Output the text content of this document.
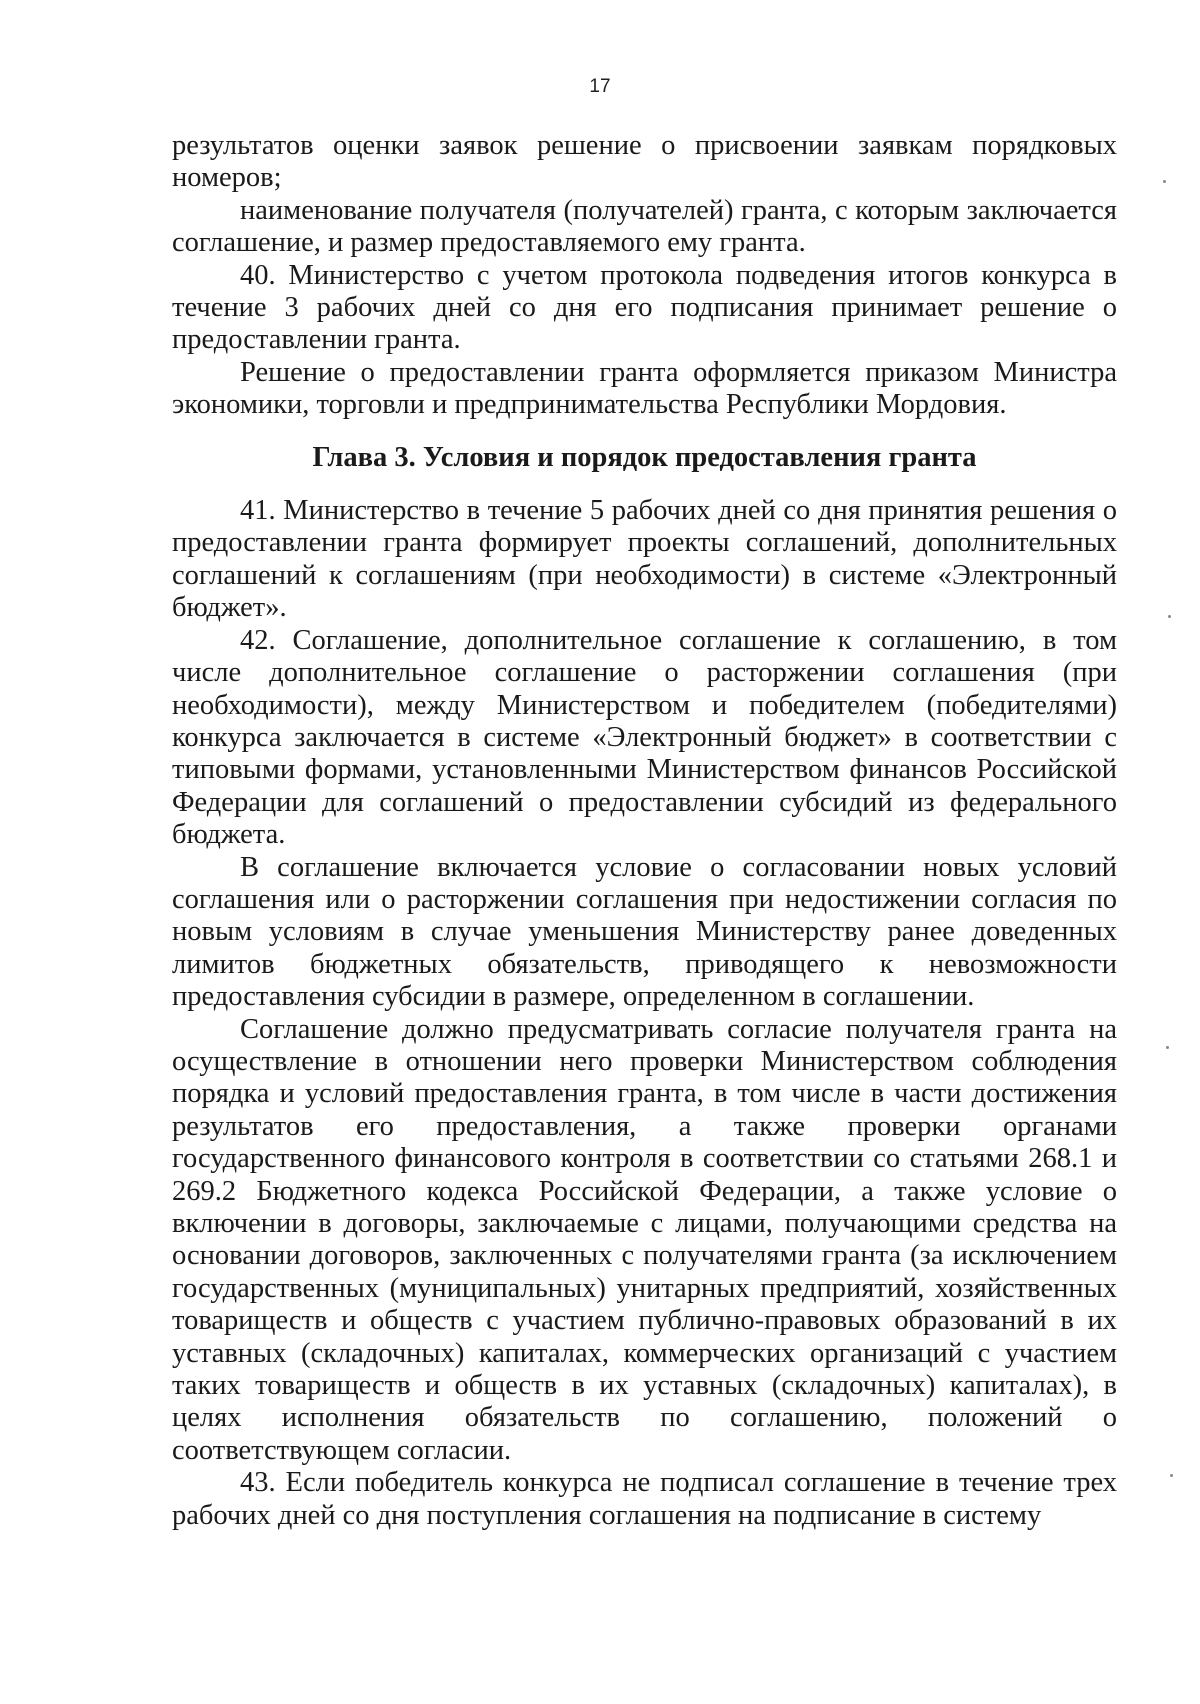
17

результатов оценки заявок решение о присвоении заявкам порядковых номеров;

наименование получателя (получателей) гранта, с которым заключается соглашение, и размер предоставляемого ему гранта.

40. Министерство с учетом протокола подведения итогов конкурса в течение 3 рабочих дней со дня его подписания принимает решение о предоставлении гранта.

Решение о предоставлении гранта оформляется приказом Министра экономики, торговли и предпринимательства Республики Мордовия.

Глава 3. Условия и порядок предоставления гранта

41. Министерство в течение 5 рабочих дней со дня принятия решения о предоставлении гранта формирует проекты соглашений, дополнительных соглашений к соглашениям (при необходимости) в системе «Электронный бюджет».

42. Соглашение, дополнительное соглашение к соглашению, в том числе дополнительное соглашение о расторжении соглашения (при необходимости), между Министерством и победителем (победителями) конкурса заключается в системе «Электронный бюджет» в соответствии с типовыми формами, установленными Министерством финансов Российской Федерации для соглашений о предоставлении субсидий из федерального бюджета.

В соглашение включается условие о согласовании новых условий соглашения или о расторжении соглашения при недостижении согласия по новым условиям в случае уменьшения Министерству ранее доведенных лимитов бюджетных обязательств, приводящего к невозможности предоставления субсидии в размере, определенном в соглашении.

Соглашение должно предусматривать согласие получателя гранта на осуществление в отношении него проверки Министерством соблюдения порядка и условий предоставления гранта, в том числе в части достижения результатов его предоставления, а также проверки органами государственного финансового контроля в соответствии со статьями 268.1 и 269.2 Бюджетного кодекса Российской Федерации, а также условие о включении в договоры, заключаемые с лицами, получающими средства на основании договоров, заключенных с получателями гранта (за исключением государственных (муниципальных) унитарных предприятий, хозяйственных товариществ и обществ с участием публично-правовых образований в их уставных (складочных) капиталах, коммерческих организаций с участием таких товариществ и обществ в их уставных (складочных) капиталах), в целях исполнения обязательств по соглашению, положений о соответствующем согласии.

43. Если победитель конкурса не подписал соглашение в течение трех рабочих дней со дня поступления соглашения на подписание в систему
